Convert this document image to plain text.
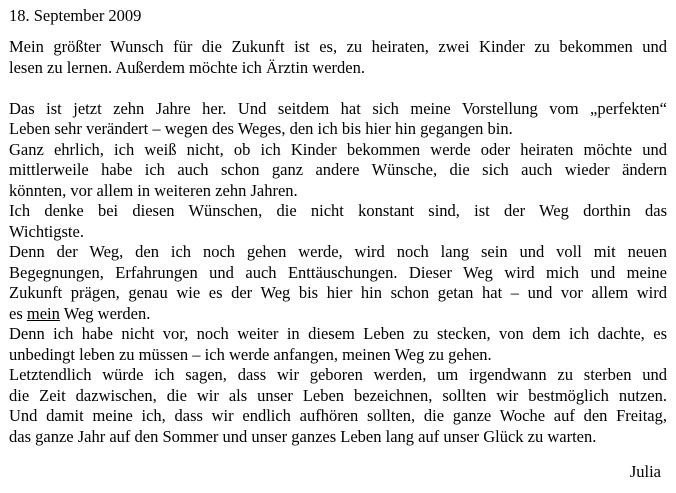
18. September 2009
Mein größter Wunsch für die Zukunft ist es, zu heiraten, zwei Kinder zu bekommen und
lesen zu lernen. Außerdem möchte ich Ärztin werden.
Das ist jetzt zehn Jahre her. Und seitdem hat sich meine Vorstellung vom „perfekten“
Leben sehr verändert – wegen des Weges, den ich bis hier hin gegangen bin.
Ganz ehrlich, ich weiß nicht, ob ich Kinder bekommen werde oder heiraten möchte und
mittlerweile habe ich auch schon ganz andere Wünsche, die sich auch wieder ändern
könnten, vor allem in weiteren zehn Jahren.
Ich denke bei diesen Wünschen, die nicht konstant sind, ist der Weg dorthin das
Wichtigste.
Denn der Weg, den ich noch gehen werde, wird noch lang sein und voll mit neuen
Begegnungen, Erfahrungen und auch Enttäuschungen. Dieser Weg wird mich und meine
Zukunft prägen, genau wie es der Weg bis hier hin schon getan hat – und vor allem wird
es mein Weg werden.
Denn ich habe nicht vor, noch weiter in diesem Leben zu stecken, von dem ich dachte, es
unbedingt leben zu müssen – ich werde anfangen, meinen Weg zu gehen.
Letztendlich würde ich sagen, dass wir geboren werden, um irgendwann zu sterben und
die Zeit dazwischen, die wir als unser Leben bezeichnen, sollten wir bestmöglich nutzen.
Und damit meine ich, dass wir endlich aufhören sollten, die ganze Woche auf den Freitag,
das ganze Jahr auf den Sommer und unser ganzes Leben lang auf unser Glück zu warten.
Julia
